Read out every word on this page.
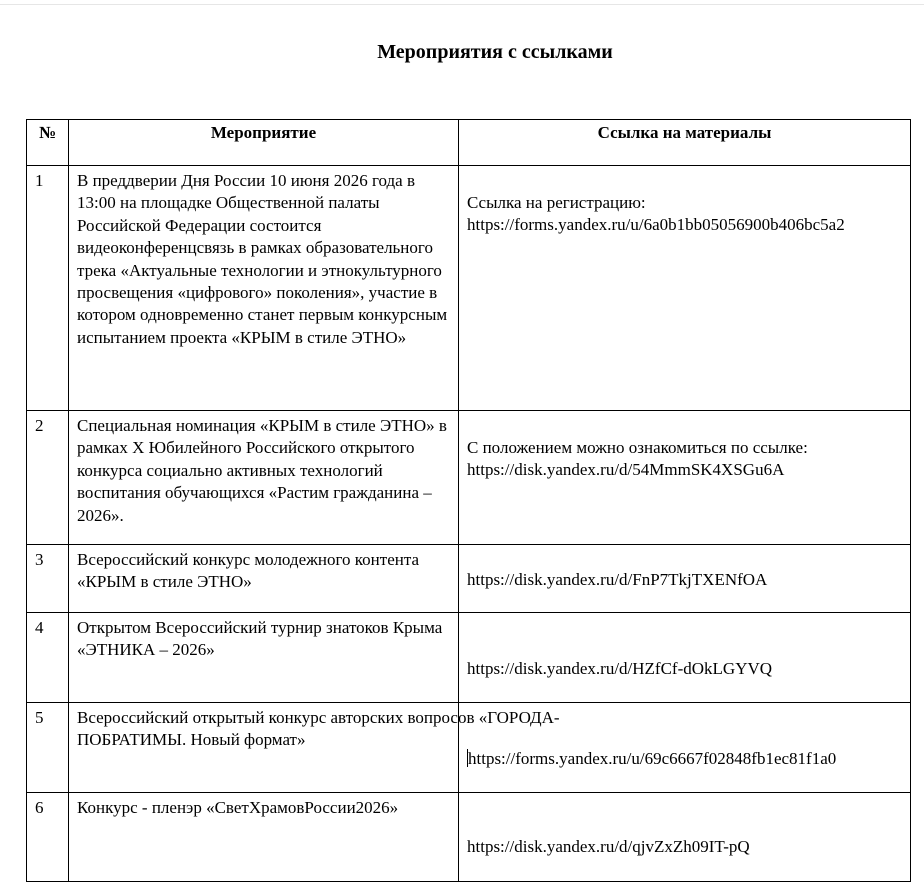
Мероприятия с ссылками
№	Мероприятие	Ссылка на материалы
1	В преддверии Дня России 10 июня 2026 года в 13:00 на площадке Общественной палаты Российской Федерации состоится видеоконференцсвязь в рамках образовательного трека «Актуальные технологии и этнокультурного просвещения «цифрового» поколения», участие в котором одновременно станет первым конкурсным испытанием проекта «КРЫМ в стиле ЭТНО»	Ссылка на регистрацию:
https://forms.yandex.ru/u/6a0b1bb05056900b406bc5a2

2	Специальная номинация «КРЫМ в стиле ЭТНО» в рамках X Юбилейного Российского открытого конкурса социально активных технологий воспитания обучающихся «Растим гражданина – 2026».	С положением можно ознакомиться по ссылке:
https://disk.yandex.ru/d/54MmmSK4XSGu6A

3	Всероссийский конкурс молодежного контента «КРЫМ в стиле ЭТНО»	https://disk.yandex.ru/d/FnP7TkjTXENfOA

4	Открытом Всероссийский турнир знатоков Крыма «ЭТНИКА – 2026»	https://disk.yandex.ru/d/HZfCf-dOkLGYVQ

5	Всероссийский открытый конкурс авторских вопросов «ГОРОДА-
ПОБРАТИМЫ. Новый формат»	https://forms.yandex.ru/u/69c6667f02848fb1ec81f1a0
6	Конкурс - пленэр «СветХрамовРоссии2026»	https://disk.yandex.ru/d/qjvZxZh09IT-pQ
